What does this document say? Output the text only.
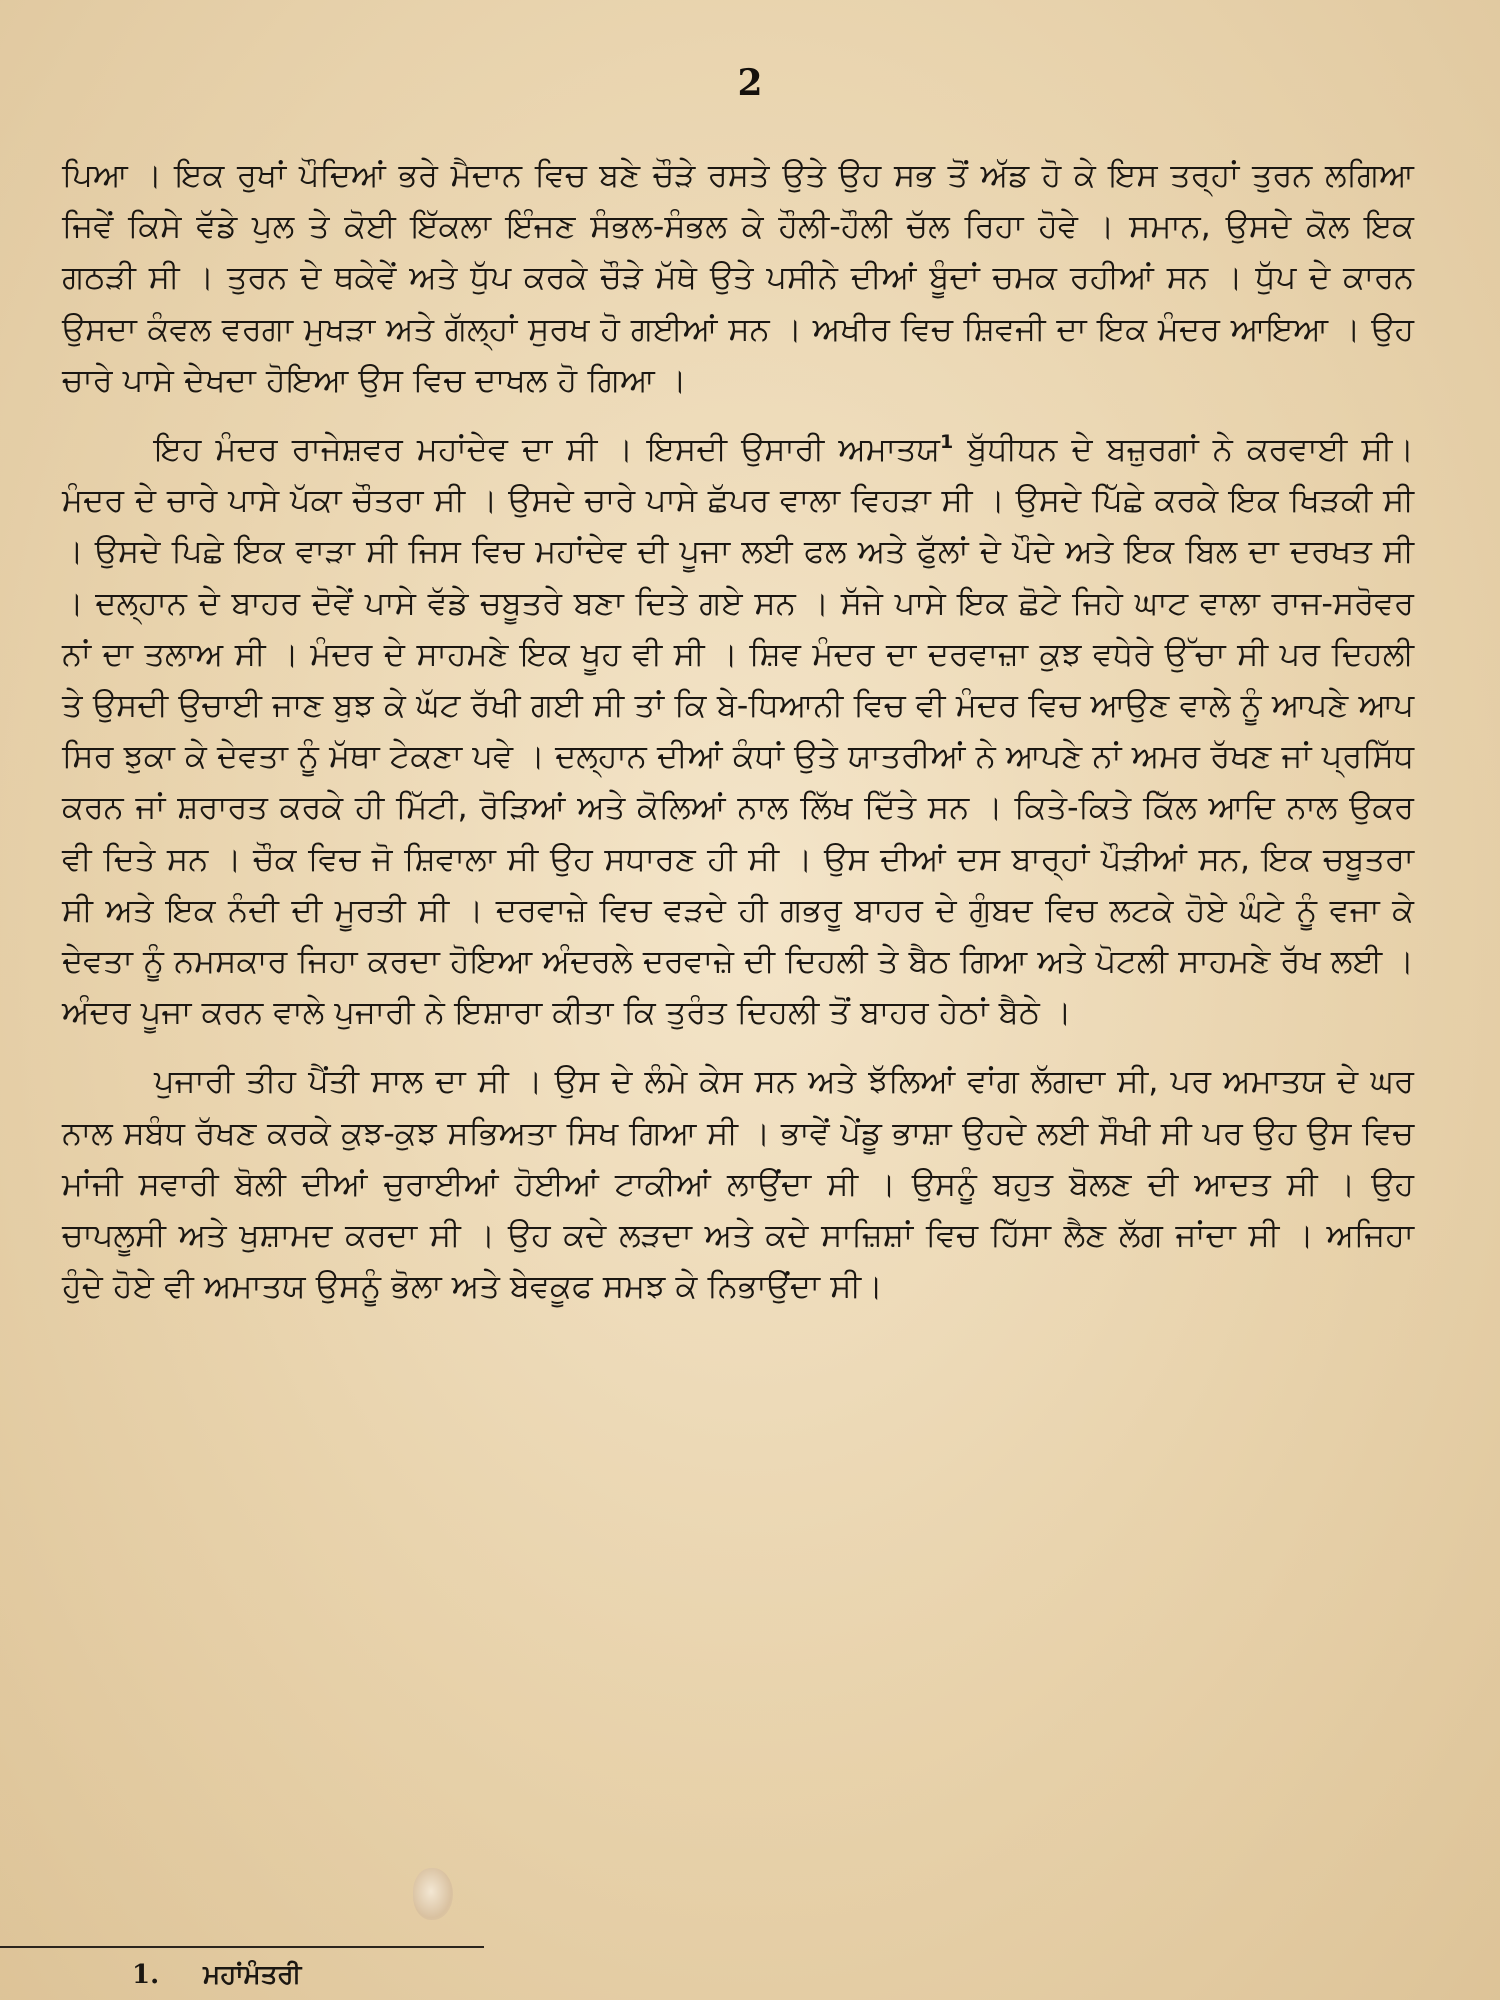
2

ਪਿਆ । ਇਕ ਰੁਖਾਂ ਪੌਦਿਆਂ ਭਰੇ ਮੈਦਾਨ ਵਿਚ ਬਣੇ ਚੌੜੇ ਰਸਤੇ ਉਤੇ ਉਹ ਸਭ ਤੋਂ ਅੱਡ ਹੋ ਕੇ ਇਸ ਤਰ੍ਹਾਂ ਤੁਰਨ ਲਗਿਆ ਜਿਵੇਂ ਕਿਸੇ ਵੱਡੇ ਪੁਲ ਤੇ ਕੋਈ ਇੱਕਲਾ ਇੰਜਣ ਸੰਭਲ-ਸੰਭਲ ਕੇ ਹੌਲੀ-ਹੌਲੀ ਚੱਲ ਰਿਹਾ ਹੋਵੇ । ਸਮਾਨ, ਉਸਦੇ ਕੋਲ ਇਕ ਗਠੜੀ ਸੀ । ਤੁਰਨ ਦੇ ਥਕੇਵੇਂ ਅਤੇ ਧੁੱਪ ਕਰਕੇ ਚੌੜੇ ਮੱਥੇ ਉਤੇ ਪਸੀਨੇ ਦੀਆਂ ਬੂੰਦਾਂ ਚਮਕ ਰਹੀਆਂ ਸਨ । ਧੁੱਪ ਦੇ ਕਾਰਨ ਉਸਦਾ ਕੰਵਲ ਵਰਗਾ ਮੁਖੜਾ ਅਤੇ ਗੱਲ੍ਹਾਂ ਸੁਰਖ ਹੋ ਗਈਆਂ ਸਨ । ਅਖੀਰ ਵਿਚ ਸ਼ਿਵਜੀ ਦਾ ਇਕ ਮੰਦਰ ਆਇਆ । ਉਹ ਚਾਰੇ ਪਾਸੇ ਦੇਖਦਾ ਹੋਇਆ ਉਸ ਵਿਚ ਦਾਖਲ ਹੋ ਗਿਆ ।

ਇਹ ਮੰਦਰ ਰਾਜੇਸ਼ਵਰ ਮਹਾਂਦੇਵ ਦਾ ਸੀ । ਇਸਦੀ ਉਸਾਰੀ ਅਮਾਤਯ$^1$ ਬੁੱਧੀਧਨ ਦੇ ਬਜ਼ੁਰਗਾਂ ਨੇ ਕਰਵਾਈ ਸੀ। ਮੰਦਰ ਦੇ ਚਾਰੇ ਪਾਸੇ ਪੱਕਾ ਚੌਤਰਾ ਸੀ । ਉਸਦੇ ਚਾਰੇ ਪਾਸੇ ਛੱਪਰ ਵਾਲਾ ਵਿਹੜਾ ਸੀ । ਉਸਦੇ ਪਿੱਛੇ ਕਰਕੇ ਇਕ ਖਿੜਕੀ ਸੀ । ਉਸਦੇ ਪਿਛੇ ਇਕ ਵਾੜਾ ਸੀ ਜਿਸ ਵਿਚ ਮਹਾਂਦੇਵ ਦੀ ਪੂਜਾ ਲਈ ਫਲ ਅਤੇ ਫੁੱਲਾਂ ਦੇ ਪੌਦੇ ਅਤੇ ਇਕ ਬਿਲ ਦਾ ਦਰਖਤ ਸੀ । ਦਲ੍ਹਾਨ ਦੇ ਬਾਹਰ ਦੋਵੇਂ ਪਾਸੇ ਵੱਡੇ ਚਬੂਤਰੇ ਬਣਾ ਦਿਤੇ ਗਏ ਸਨ । ਸੱਜੇ ਪਾਸੇ ਇਕ ਛੋਟੇ ਜਿਹੇ ਘਾਟ ਵਾਲਾ ਰਾਜ-ਸਰੋਵਰ ਨਾਂ ਦਾ ਤਲਾਅ ਸੀ । ਮੰਦਰ ਦੇ ਸਾਹਮਣੇ ਇਕ ਖੂਹ ਵੀ ਸੀ । ਸ਼ਿਵ ਮੰਦਰ ਦਾ ਦਰਵਾਜ਼ਾ ਕੁਝ ਵਧੇਰੇ ਉੱਚਾ ਸੀ ਪਰ ਦਿਹਲੀ ਤੇ ਉਸਦੀ ਉਚਾਈ ਜਾਣ ਬੁਝ ਕੇ ਘੱਟ ਰੱਖੀ ਗਈ ਸੀ ਤਾਂ ਕਿ ਬੇ-ਧਿਆਨੀ ਵਿਚ ਵੀ ਮੰਦਰ ਵਿਚ ਆਉਣ ਵਾਲੇ ਨੂੰ ਆਪਣੇ ਆਪ ਸਿਰ ਝੁਕਾ ਕੇ ਦੇਵਤਾ ਨੂੰ ਮੱਥਾ ਟੇਕਣਾ ਪਵੇ । ਦਲ੍ਹਾਨ ਦੀਆਂ ਕੰਧਾਂ ਉਤੇ ਯਾਤਰੀਆਂ ਨੇ ਆਪਣੇ ਨਾਂ ਅਮਰ ਰੱਖਣ ਜਾਂ ਪ੍ਰਸਿੱਧ ਕਰਨ ਜਾਂ ਸ਼ਰਾਰਤ ਕਰਕੇ ਹੀ ਮਿੱਟੀ, ਰੋੜਿਆਂ ਅਤੇ ਕੋਲਿਆਂ ਨਾਲ ਲਿੱਖ ਦਿੱਤੇ ਸਨ । ਕਿਤੇ-ਕਿਤੇ ਕਿੱਲ ਆਦਿ ਨਾਲ ਉਕਰ ਵੀ ਦਿਤੇ ਸਨ । ਚੌਕ ਵਿਚ ਜੋ ਸ਼ਿਵਾਲਾ ਸੀ ਉਹ ਸਧਾਰਣ ਹੀ ਸੀ । ਉਸ ਦੀਆਂ ਦਸ ਬਾਰ੍ਹਾਂ ਪੌੜੀਆਂ ਸਨ, ਇਕ ਚਬੂਤਰਾ ਸੀ ਅਤੇ ਇਕ ਨੰਦੀ ਦੀ ਮੂਰਤੀ ਸੀ । ਦਰਵਾਜ਼ੇ ਵਿਚ ਵੜਦੇ ਹੀ ਗਭਰੂ ਬਾਹਰ ਦੇ ਗੁੰਬਦ ਵਿਚ ਲਟਕੇ ਹੋਏ ਘੰਟੇ ਨੂੰ ਵਜਾ ਕੇ ਦੇਵਤਾ ਨੂੰ ਨਮਸਕਾਰ ਜਿਹਾ ਕਰਦਾ ਹੋਇਆ ਅੰਦਰਲੇ ਦਰਵਾਜ਼ੇ ਦੀ ਦਿਹਲੀ ਤੇ ਬੈਠ ਗਿਆ ਅਤੇ ਪੋਟਲੀ ਸਾਹਮਣੇ ਰੱਖ ਲਈ । ਅੰਦਰ ਪੂਜਾ ਕਰਨ ਵਾਲੇ ਪੁਜਾਰੀ ਨੇ ਇਸ਼ਾਰਾ ਕੀਤਾ ਕਿ ਤੁਰੰਤ ਦਿਹਲੀ ਤੋਂ ਬਾਹਰ ਹੇਠਾਂ ਬੈਠੇ ।

ਪੁਜਾਰੀ ਤੀਹ ਪੈਂਤੀ ਸਾਲ ਦਾ ਸੀ । ਉਸ ਦੇ ਲੰਮੇ ਕੇਸ ਸਨ ਅਤੇ ਝੱਲਿਆਂ ਵਾਂਗ ਲੱਗਦਾ ਸੀ, ਪਰ ਅਮਾਤਯ ਦੇ ਘਰ ਨਾਲ ਸਬੰਧ ਰੱਖਣ ਕਰਕੇ ਕੁਝ-ਕੁਝ ਸਭਿਅਤਾ ਸਿਖ ਗਿਆ ਸੀ । ਭਾਵੇਂ ਪੇਂਡੂ ਭਾਸ਼ਾ ਉਹਦੇ ਲਈ ਸੌਖੀ ਸੀ ਪਰ ਉਹ ਉਸ ਵਿਚ ਮਾਂਜੀ ਸਵਾਰੀ ਬੋਲੀ ਦੀਆਂ ਚੁਰਾਈਆਂ ਹੋਈਆਂ ਟਾਕੀਆਂ ਲਾਉਂਦਾ ਸੀ । ਉਸਨੂੰ ਬਹੁਤ ਬੋਲਣ ਦੀ ਆਦਤ ਸੀ । ਉਹ ਚਾਪਲੂਸੀ ਅਤੇ ਖੁਸ਼ਾਮਦ ਕਰਦਾ ਸੀ । ਉਹ ਕਦੇ ਲੜਦਾ ਅਤੇ ਕਦੇ ਸਾਜ਼ਿਸ਼ਾਂ ਵਿਚ ਹਿੱਸਾ ਲੈਣ ਲੱਗ ਜਾਂਦਾ ਸੀ । ਅਜਿਹਾ ਹੁੰਦੇ ਹੋਏ ਵੀ ਅਮਾਤਯ ਉਸਨੂੰ ਭੋਲਾ ਅਤੇ ਬੇਵਕੂਫ ਸਮਝ ਕੇ ਨਿਭਾਉਂਦਾ ਸੀ।

1. ਮਹਾਂਮੰਤਰੀ
